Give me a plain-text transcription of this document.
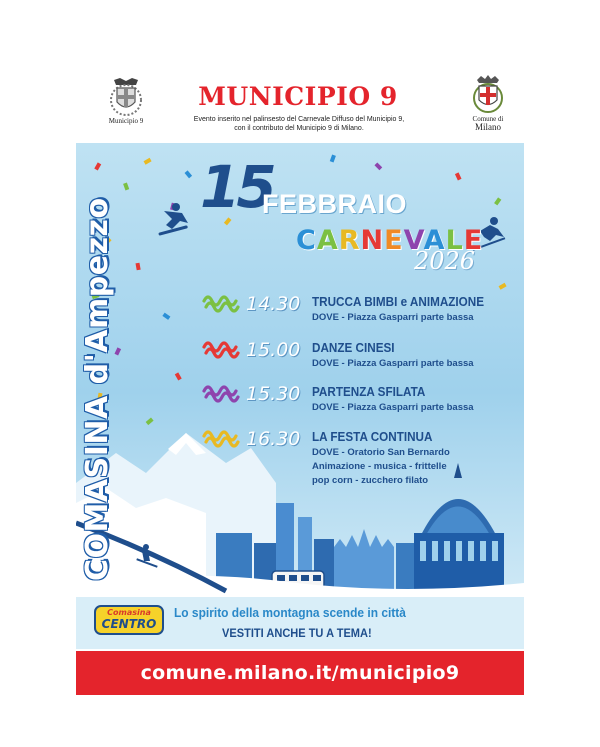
Municipio 9
MUNICIPIO 9
Evento inserito nel palinsesto del Carnevale Diffuso del Municipio 9,
con il contributo del Municipio 9 di Milano.
Comune di
Milano
COMASINA d'Ampezzo
15
FEBBRAIO
CARNEVALE
2026
14.30 TRUCCA BIMBI e ANIMAZIONE
DOVE - Piazza Gasparri parte bassa
15.00 DANZE CINESI
DOVE - Piazza Gasparri parte bassa
15.30 PARTENZA SFILATA
DOVE - Piazza Gasparri parte bassa
16.30 LA FESTA CONTINUA
DOVE - Oratorio San Bernardo
Animazione - musica - frittelle
pop corn - zucchero filato
Comasina
CENTRO
Lo spirito della montagna scende in città
VESTITI ANCHE TU A TEMA!
comune.milano.it/municipio9
